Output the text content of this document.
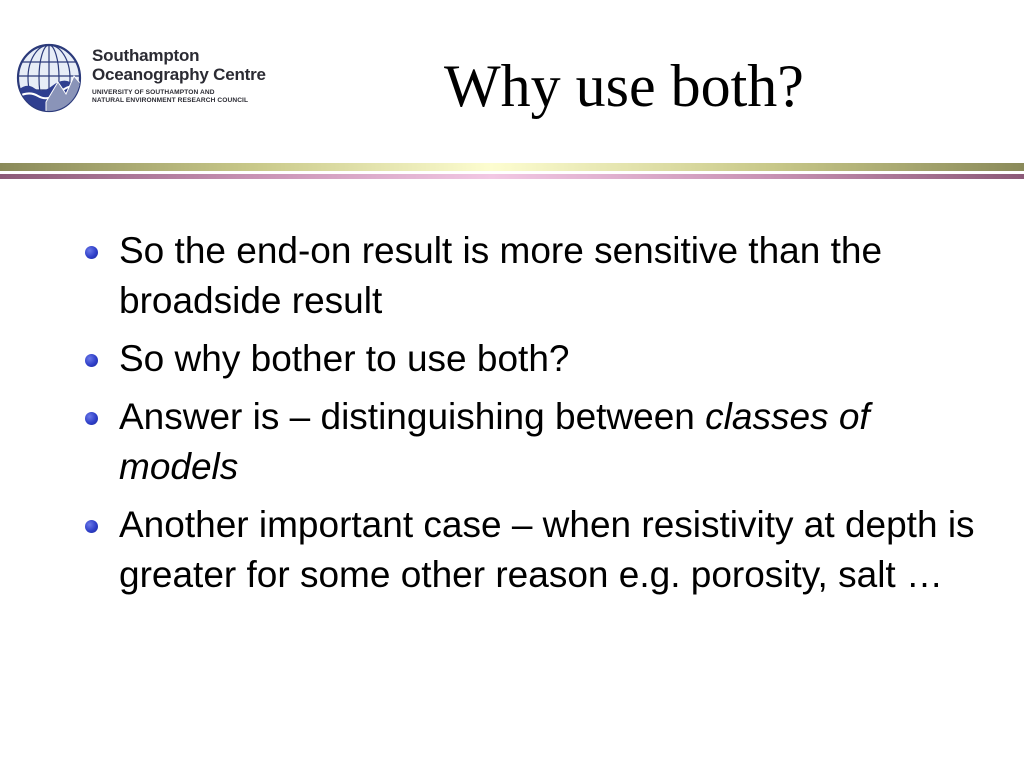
Southampton
Oceanography Centre
UNIVERSITY OF SOUTHAMPTON AND
NATURAL ENVIRONMENT RESEARCH COUNCIL	Why use both?
So the end-on result is more sensitive than the broadside result
So why bother to use both?
Answer is – distinguishing between classes of models
Another important case – when resistivity at depth is greater for some other reason e.g. porosity, salt …
